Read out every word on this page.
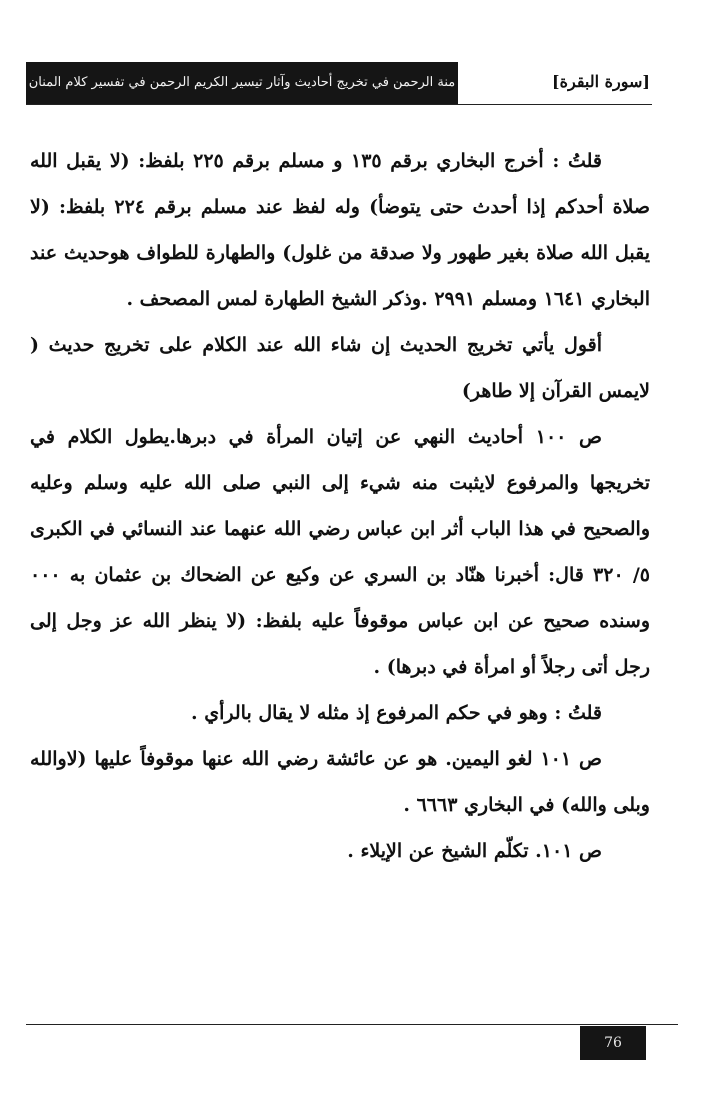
منة الرحمن في تخريج أحاديث وآثار تيسير الكريم الرحمن في تفسير كلام المنان	[سورة البقرة]

قلتُ : أخرج البخاري برقم ١٣٥ و مسلم برقم ٢٢٥ بلفظ: (لا يقبل الله صلاة أحدكم إذا أحدث حتى يتوضأ) وله لفظ عند مسلم برقم ٢٢٤ بلفظ: (لا يقبل الله صلاة بغير طهور ولا صدقة من غلول) والطهارة للطواف هوحديث عند البخاري ١٦٤١ ومسلم ٢٩٩١ .وذكر الشيخ الطهارة لمس المصحف .

أقول يأتي تخريج الحديث إن شاء الله عند الكلام على تخريج حديث ( لايمس القرآن إلا طاهر)

ص ١٠٠ أحاديث النهي عن إتيان المرأة في دبرها.يطول الكلام في تخريجها والمرفوع لايثبت منه شيء إلى النبي صلى الله عليه وسلم وعليه والصحيح في هذا الباب أثر ابن عباس رضي الله عنهما عند النسائي في الكبرى ٥/ ٣٢٠ قال: أخبرنا هنّاد بن السري عن وكيع عن الضحاك بن عثمان به ٠٠٠ وسنده صحيح عن ابن عباس موقوفاً عليه بلفظ: (لا ينظر الله عز وجل إلى رجل أتى رجلاً أو امرأة في دبرها) .

قلتُ : وهو في حكم المرفوع إذ مثله لا يقال بالرأي .

ص ١٠١ لغو اليمين. هو عن عائشة رضي الله عنها موقوفاً عليها (لاوالله وبلى والله) في البخاري ٦٦٦٣ .

ص ١٠١. تكلّم الشيخ عن الإيلاء .

76
